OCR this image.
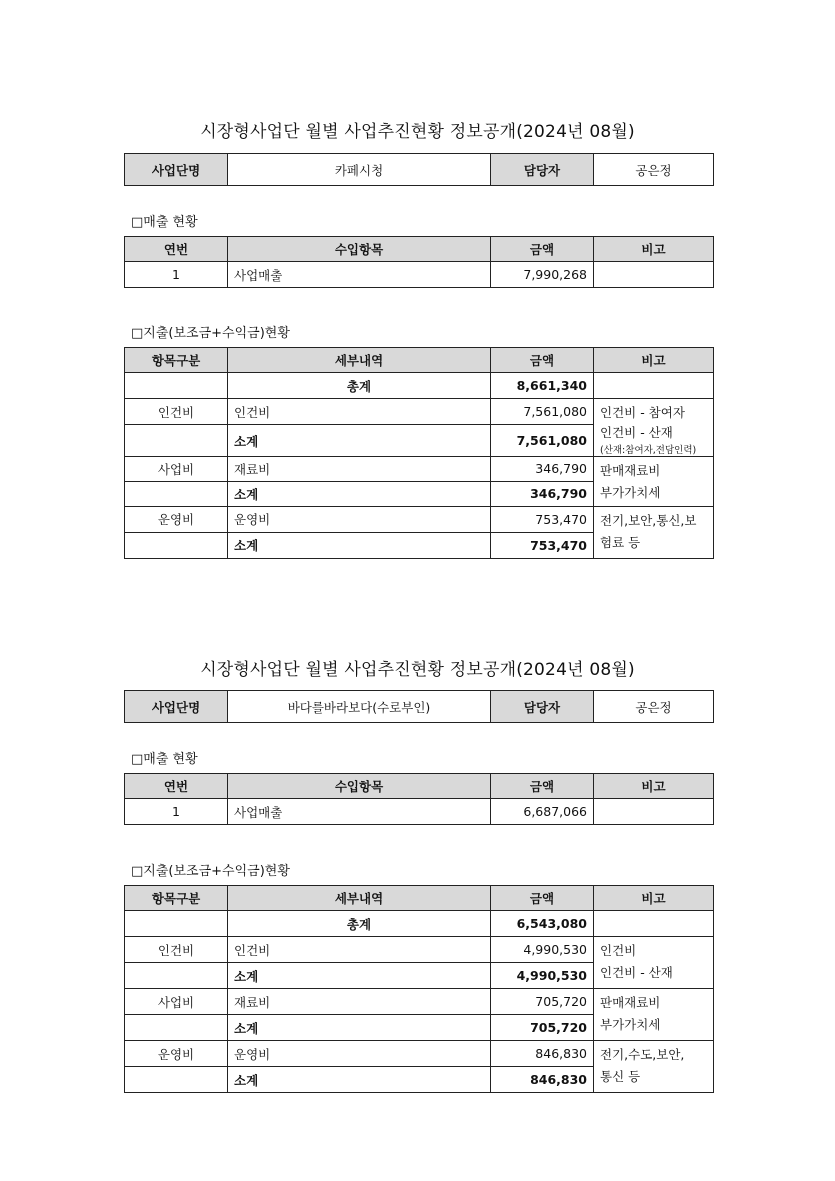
시장형사업단 월별 사업추진현황 정보공개(2024년 08월)
사업단명	카페시청	담당자	공은정
□매출 현황
연번	수입항목	금액	비고
1	사업매출	7,990,268	
□지출(보조금+수익금)현황
항목구분	세부내역	금액	비고
	총계	8,661,340	
인건비	인건비	7,561,080	인건비 - 참여자
인건비 - 산재
(산재:참여자,전담인력)

	소계	7,561,080	
사업비	재료비	346,790	판매재료비
부가가치세

	소계	346,790	
운영비	운영비	753,470	전기,보안,통신,보
험료 등

	소계	753,470	
시장형사업단 월별 사업추진현황 정보공개(2024년 08월)
사업단명	바다를바라보다(수로부인)	담당자	공은정
□매출 현황
연번	수입항목	금액	비고
1	사업매출	6,687,066	
□지출(보조금+수익금)현황
항목구분	세부내역	금액	비고
	총계	6,543,080	
인건비	인건비	4,990,530	인건비
인건비 - 산재

	소계	4,990,530	
사업비	재료비	705,720	판매재료비
부가가치세

	소계	705,720	
운영비	운영비	846,830	전기,수도,보안,
통신 등

	소계	846,830	
